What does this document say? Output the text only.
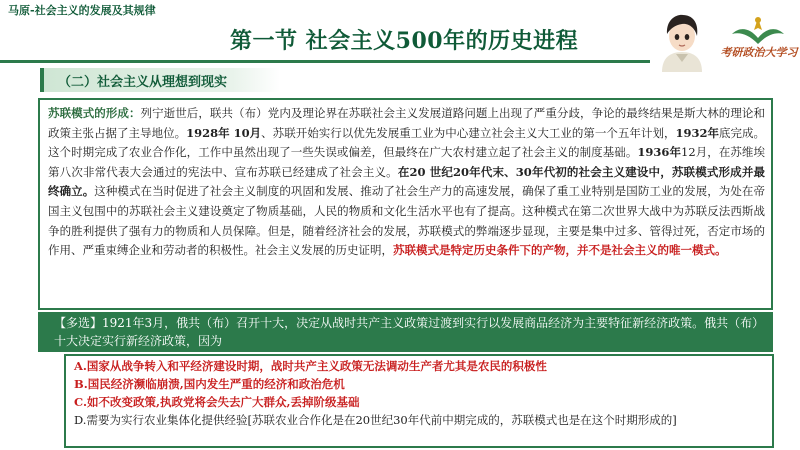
马原-社会主义的发展及其规律
第一节 社会主义500年的历史进程	考研政治大学习
（二）社会主义从理想到现实
苏联模式的形成：列宁逝世后，联共（布）党内及理论界在苏联社会主义发展道路问题上出现了严重分歧，争论的最终结果是斯大林的理论和政策主张占据了主导地位。1928年 10月、苏联开始实行以优先发展重工业为中心建立社会主义大工业的第一个五年计划，1932年底完成。这个时期完成了农业合作化，工作中虽然出现了一些失误或偏差，但最终在广大农村建立起了社会主义的制度基础。1936年12月，在苏维埃第八次非常代表大会通过的宪法中、宣布苏联已经建成了社会主义。在20 世纪20年代末、30年代初的社会主义建设中，苏联模式形成并最终确立。这种模式在当时促进了社会主义制度的巩固和发展、推动了社会生产力的高速发展，确保了重工业特别是国防工业的发展，为处在帝国主义包围中的苏联社会主义建设奠定了物质基础，人民的物质和文化生活水平也有了提高。这种模式在第二次世界大战中为苏联反法西斯战争的胜利提供了强有力的物质和人员保障。但是，随着经济社会的发展，苏联模式的弊端逐步显现，主要是集中过多、管得过死，否定市场的作用、严重束缚企业和劳动者的积极性。社会主义发展的历史证明，苏联模式是特定历史条件下的产物，并不是社会主义的唯一模式。
【多选】1921年3月，俄共（布）召开十大，决定从战时共产主义政策过渡到实行以发展商品经济为主要特征新经济政策。俄共（布）十大决定实行新经济政策，因为
A.国家从战争转入和平经济建设时期，战时共产主义政策无法调动生产者尤其是农民的积极性
B.国民经济濒临崩溃,国内发生严重的经济和政治危机
C.如不改变政策,执政党将会失去广大群众,丢掉阶级基础
D.需要为实行农业集体化提供经验[苏联农业合作化是在20世纪30年代前中期完成的，苏联模式也是在这个时期形成的]
